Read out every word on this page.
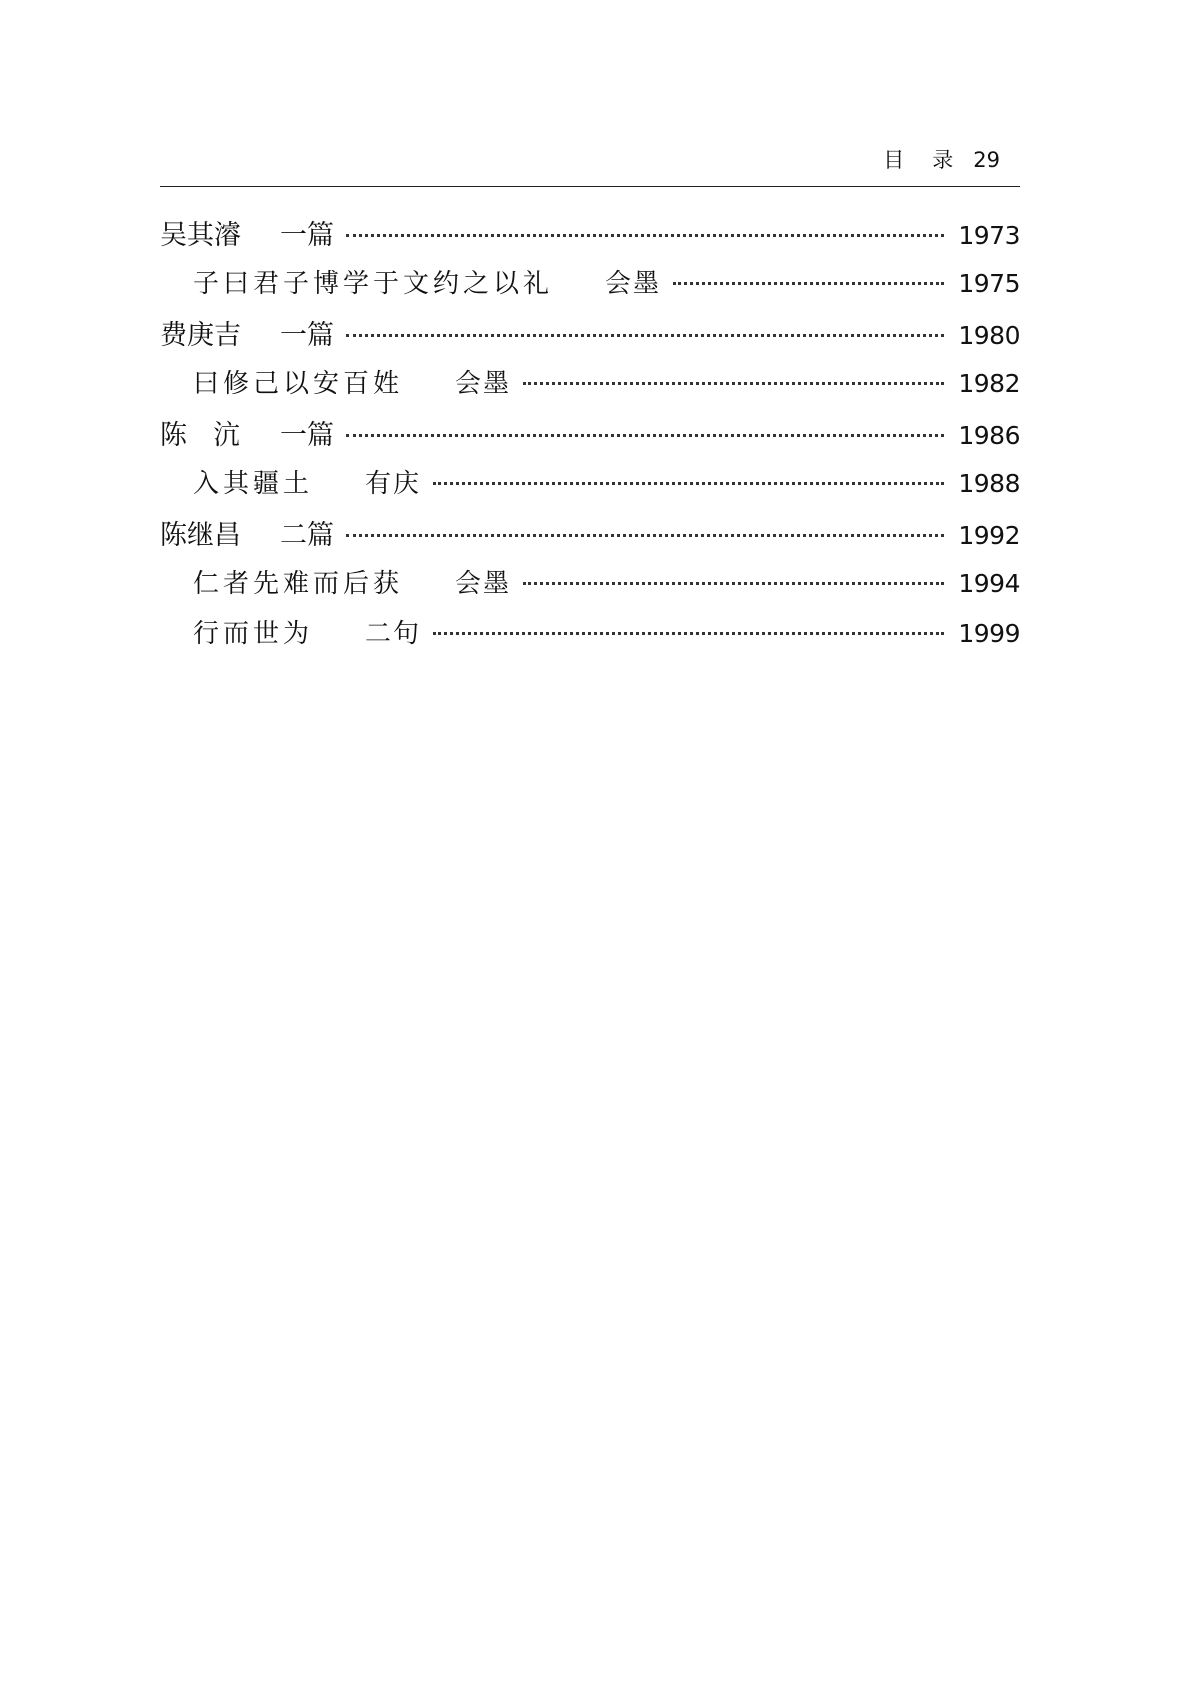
目录
29
吴其濬	一篇	1973
子曰君子博学于文约之以礼 会墨	1975
费庚吉	一篇	1980
曰修己以安百姓 会墨	1982
陈沆 一篇	1986
入其疆土 有庆	1988
陈继昌	二篇	1992
仁者先难而后获 会墨	1994
行而世为 二句	1999
